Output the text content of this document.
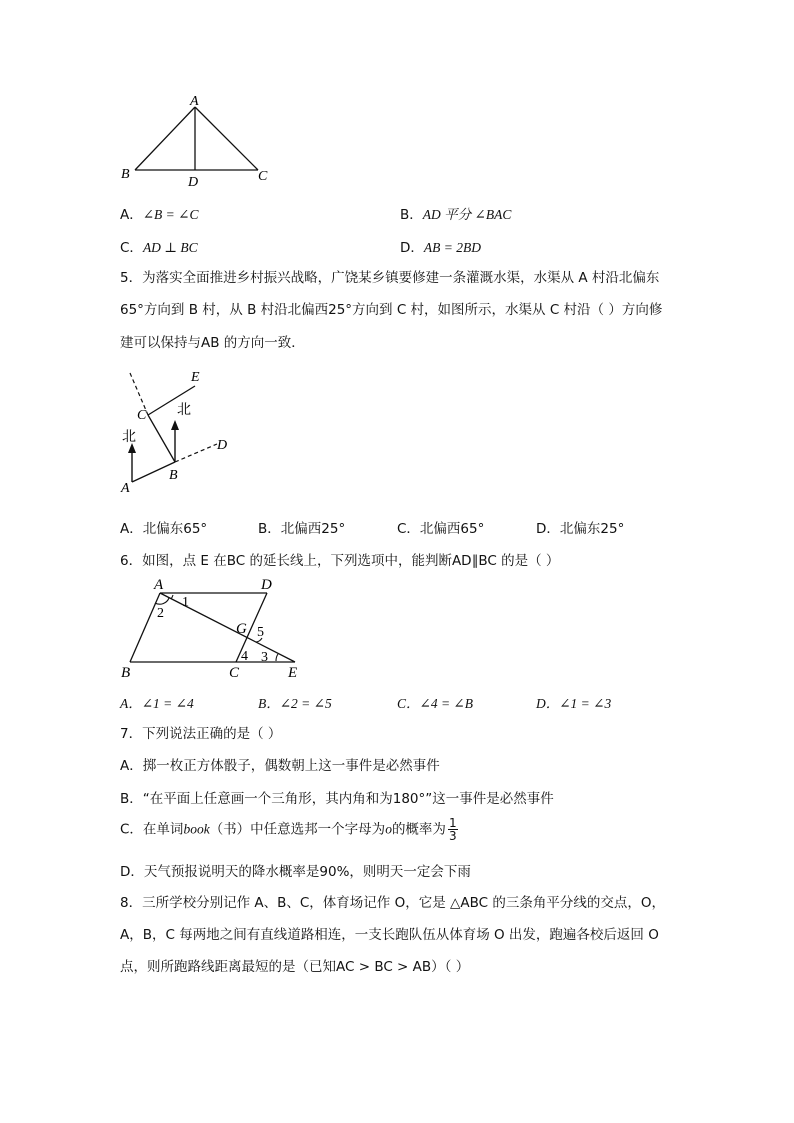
A
B	C
D
A．∠B = ∠C	B．AD 平分 ∠BAC
C．AD ⊥ BC	D．AB = 2BD
5．为落实全面推进乡村振兴战略，广饶某乡镇要修建一条灌溉水渠，水渠从 A 村沿北偏东
65°方向到 B 村，从 B 村沿北偏西25°方向到 C 村，如图所示，水渠从 C 村沿（ ）方向修
建可以保持与AB 的方向一致．
E
C 北
北
D
B
A
A．北偏东65°	B．北偏西25°	C．北偏西65°	D．北偏东25°
6．如图，点 E 在BC 的延长线上，下列选项中，能判断AD∥BC 的是（ ）
A	D
B	C	E
G
1
2
5
4 3
A．∠1 = ∠4	B．∠2 = ∠5	C．∠4 = ∠B	D．∠1 = ∠3
7．下列说法正确的是（ ）
A．掷一枚正方体骰子，偶数朝上这一事件是必然事件
B．“在平面上任意画一个三角形，其内角和为180°”这一事件是必然事件
C．在单词book（书）中任意选邦一个字母为o的概率为 $\frac{1}{3}$
D．天气预报说明天的降水概率是90%，则明天一定会下雨
8．三所学校分别记作 A、B、C，体育场记作 O，它是 △ABC 的三条角平分线的交点，O，
A，B，C 每两地之间有直线道路相连，一支长跑队伍从体育场 O 出发，跑遍各校后返回 O
点，则所跑路线距离最短的是（已知AC > BC > AB）（ ）
